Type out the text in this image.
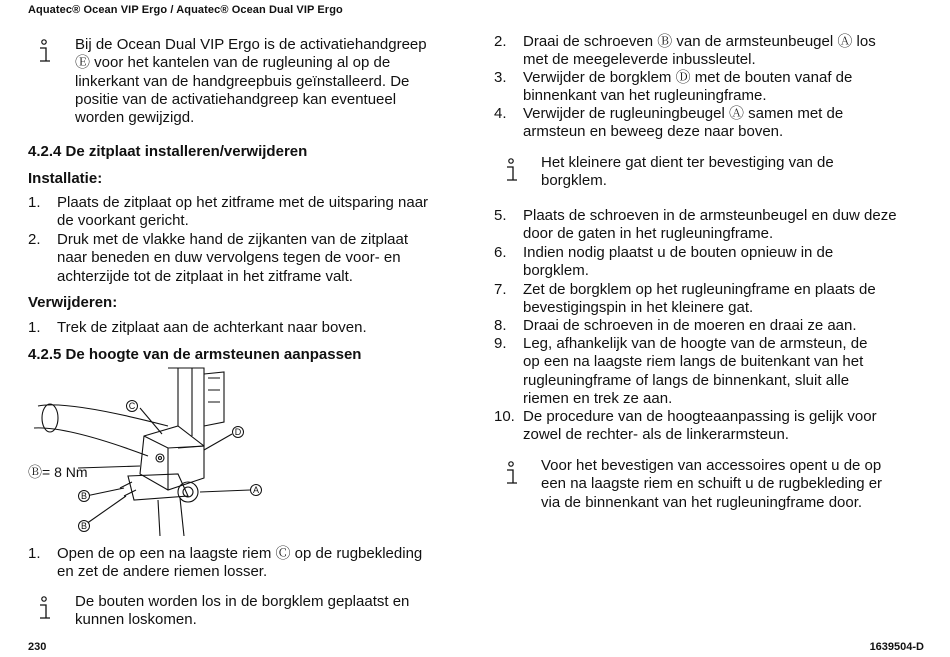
Aquatec® Ocean VIP Ergo / Aquatec® Ocean Dual VIP Ergo
Bij de Ocean Dual VIP Ergo is de activatiehandgreep
Ⓔ voor het kantelen van de rugleuning al op de
linkerkant van de handgreepbuis geïnstalleerd. De
positie van de activatiehandgreep kan eventueel
worden gewijzigd.
4.2.4 De zitplaat installeren/verwijderen
Installatie:
1. Plaats de zitplaat op het zitframe met de uitsparing naar
de voorkant gericht.
2. Druk met de vlakke hand de zijkanten van de zitplaat
naar beneden en duw vervolgens tegen de voor- en
achterzijde tot de zitplaat in het zitframe valt.
Verwijderen:
1. Trek de zitplaat aan de achterkant naar boven.
4.2.5 De hoogte van de armsteunen aanpassen
C
D
A
B
B
Ⓑ= 8 Nm
1. Open de op een na laagste riem Ⓒ op de rugbekleding
en zet de andere riemen losser.
De bouten worden los in de borgklem geplaatst en
kunnen loskomen.
2. Draai de schroeven Ⓑ van de armsteunbeugel Ⓐ los
met de meegeleverde inbussleutel.
3. Verwijder de borgklem Ⓓ met de bouten vanaf de
binnenkant van het rugleuningframe.
4. Verwijder de rugleuningbeugel Ⓐ samen met de
armsteun en beweeg deze naar boven.
Het kleinere gat dient ter bevestiging van de
borgklem.
5. Plaats de schroeven in de armsteunbeugel en duw deze
door de gaten in het rugleuningframe.
6. Indien nodig plaatst u de bouten opnieuw in de
borgklem.
7. Zet de borgklem op het rugleuningframe en plaats de
bevestigingspin in het kleinere gat.
8. Draai de schroeven in de moeren en draai ze aan.
9. Leg, afhankelijk van de hoogte van de armsteun, de
op een na laagste riem langs de buitenkant van het
rugleuningframe of langs de binnenkant, sluit alle
riemen en trek ze aan.
10. De procedure van de hoogteaanpassing is gelijk voor
zowel de rechter- als de linkerarmsteun.
Voor het bevestigen van accessoires opent u de op
een na laagste riem en schuift u de rugbekleding er
via de binnenkant van het rugleuningframe door.
230	1639504-D
